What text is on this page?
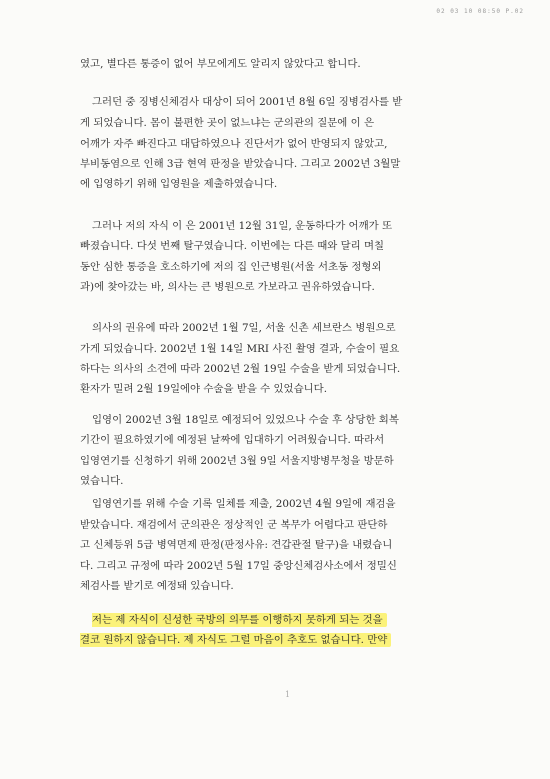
02 03 10 08:50 P.02
였고, 별다른 통증이 없어 부모에게도 알리지 않았다고 합니다.
그러던 중 징병신체검사 대상이 되어 2001년 8월 6일 징병검사를 받
게 되었습니다. 몸이 불편한 곳이 없느냐는 군의관의 질문에 이 은
어깨가 자주 빠진다고 대답하였으나 진단서가 없어 반영되지 않았고,
부비동염으로 인해 3급 현역 판정을 받았습니다. 그리고 2002년 3월말
에 입영하기 위해 입영원을 제출하였습니다.
그러나 저의 자식 이 은 2001년 12월 31일, 운동하다가 어깨가 또
빠졌습니다. 다섯 번째 탈구였습니다. 이번에는 다른 때와 달리 며칠
동안 심한 통증을 호소하기에 저의 집 인근병원(서울 서초동 정형외
과)에 찾아갔는 바, 의사는 큰 병원으로 가보라고 권유하였습니다.
의사의 권유에 따라 2002년 1월 7일, 서울 신촌 세브란스 병원으로
가게 되었습니다. 2002년 1월 14일 MRI 사진 촬영 결과, 수술이 필요
하다는 의사의 소견에 따라 2002년 2월 19일 수술을 받게 되었습니다.
환자가 밀려 2월 19일에야 수술을 받을 수 있었습니다.
입영이 2002년 3월 18일로 예정되어 있었으나 수술 후 상당한 회복
기간이 필요하였기에 예정된 날짜에 입대하기 어려웠습니다. 따라서
입영연기를 신청하기 위해 2002년 3월 9일 서울지방병무청을 방문하
였습니다.
입영연기를 위해 수술 기록 일체를 제출, 2002년 4월 9일에 재검을
받았습니다. 재검에서 군의관은 정상적인 군 복무가 어렵다고 판단하
고 신체등위 5급 병역면제 판정(판정사유: 견갑관절 탈구)을 내렸습니
다. 그리고 규정에 따라 2002년 5월 17일 중앙신체검사소에서 정밀신
체검사를 받기로 예정돼 있습니다.
저는 제 자식이 신성한 국방의 의무를 이행하지 못하게 되는 것을
결코 원하지 않습니다. 제 자식도 그럴 마음이 추호도 없습니다. 만약
1
